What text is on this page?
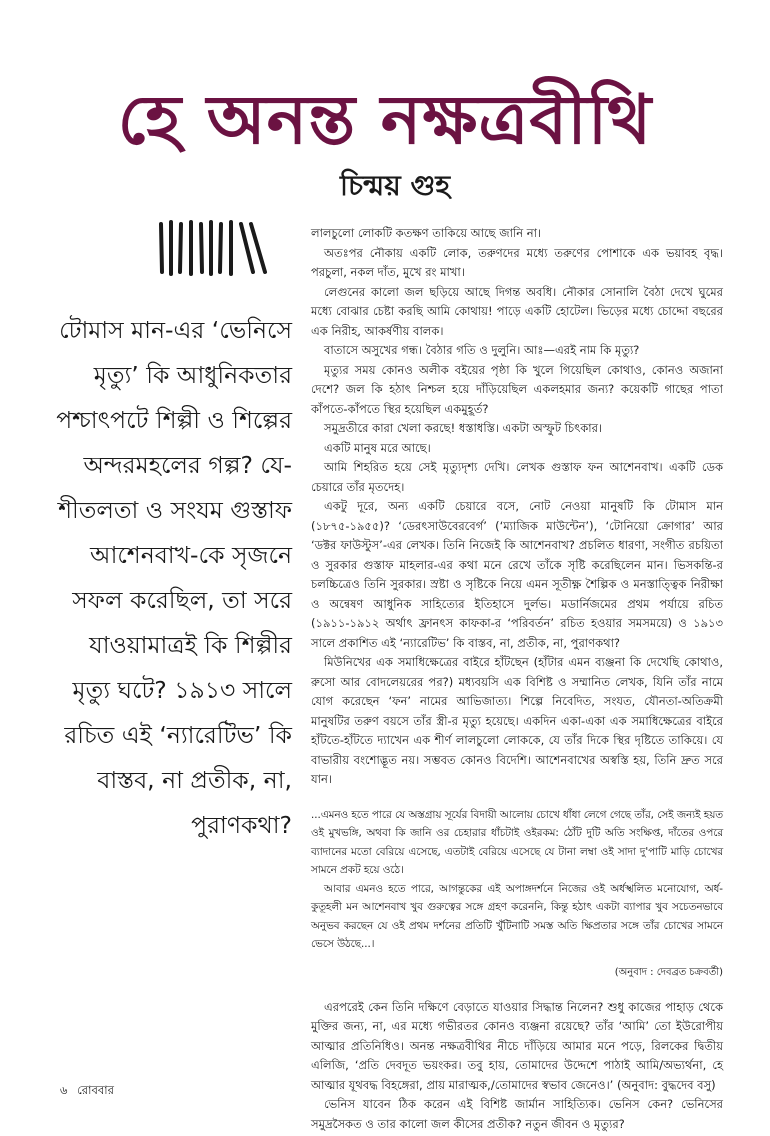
হে অনন্ত নক্ষত্রবীথি
চিন্ময় গুহ

টোমাস মান-এর ‘ভেনিসে মৃত্যু’ কি আধুনিকতার পশ্চাৎপটে শিল্পী ও শিল্পের অন্দরমহলের গল্প? যে-শীতলতা ও সংযম গুস্তাফ আশেনবাখ-কে সৃজনে সফল করেছিল, তা সরে যাওয়ামাত্রই কি শিল্পীর মৃত্যু ঘটে? ১৯১৩ সালে রচিত এই ‘ন্যারেটিভ’ কি বাস্তব, না প্রতীক, না, পুরাণকথা?

লালচুলো লোকটি কতক্ষণ তাকিয়ে আছে জানি না।

অতঃপর নৌকায় একটি লোক, তরুণদের মধ্যে তরুণের পোশাকে এক ভয়াবহ বৃদ্ধ। পরচুলা, নকল দাঁত, মুখে রং মাখা।

লেগুনের কালো জল ছড়িয়ে আছে দিগন্ত অবধি। নৌকার সোনালি বৈঠা দেখে ঘুমের মধ্যে বোঝার চেষ্টা করছি আমি কোথায়! পাড়ে একটি হোটেল। ভিড়ের মধ্যে চোদ্দো বছরের এক নিরীহ, আকর্ষণীয় বালক।

বাতাসে অসুখের গন্ধ। বৈঠার গতি ও দুলুনি। আঃ—এরই নাম কি মৃত্যু?

মৃত্যুর সময় কোনও অলীক বইয়ের পৃষ্ঠা কি খুলে গিয়েছিল কোথাও, কোনও অজানা দেশে? জল কি হঠাৎ নিশ্চল হয়ে দাঁড়িয়েছিল একলহমার জন্য? কয়েকটি গাছের পাতা কাঁপতে-কাঁপতে স্থির হয়েছিল একমুহূর্ত?

সমুদ্রতীরে কারা খেলা করছে! ধস্তাধস্তি। একটা অস্ফুট চিৎকার।

একটি মানুষ মরে আছে।

আমি শিহরিত হয়ে সেই মৃত্যুদৃশ্য দেখি। লেখক গুস্তাফ ফন আশেনবাখ। একটি ডেক চেয়ারে তাঁর মৃতদেহ।

একটু দূরে, অন্য একটি চেয়ারে বসে, নোট নেওয়া মানুষটি কি টোমাস মান (১৮৭৫-১৯৫৫)? ‘ডেরৎসাউবেরবের্গ’ (‘ম্যাজিক মাউন্টেন’), ‘টোনিয়ো ক্রোগার’ আর ‘ডক্টর ফাউস্টুস’-এর লেখক। তিনি নিজেই কি আশেনবাখ? প্রচলিত ধারণা, সংগীত রচয়িতা ও সুরকার গুস্তাফ মাহলার-এর কথা মনে রেখে তাঁকে সৃষ্টি করেছিলেন মান। ভিসকন্তি-র চলচ্চিত্রেও তিনি সুরকার। স্রষ্টা ও সৃষ্টিকে নিয়ে এমন সূতীক্ষ্ণ শৈল্পিক ও মনস্তাত্ত্বিক নিরীক্ষা ও অন্বেষণ আধুনিক সাহিত্যের ইতিহাসে দুর্লভ। মডার্নিজমের প্রথম পর্যায়ে রচিত (১৯১১-১৯১২ অর্থাৎ ফ্রানৎস কাফকা-র ‘পরিবর্তন’ রচিত হওয়ার সমসময়ে) ও ১৯১৩ সালে প্রকাশিত এই ‘ন্যারেটিভ’ কি বাস্তব, না, প্রতীক, না, পুরাণকথা?

মিউনিখের এক সমাধিক্ষেত্রের বাইরে হাঁটছেন (হাঁটার এমন ব্যঞ্জনা কি দেখেছি কোথাও, রুসো আর বোদলেয়রের পর?) মধ্যবয়সি এক বিশিষ্ট ও সম্মানিত লেখক, যিনি তাঁর নামে যোগ করেছেন ‘ফন’ নামের আভিজাত্য। শিল্পে নিবেদিত, সংযত, যৌনতা-অতিক্রমী মানুষটির তরুণ বয়সে তাঁর স্ত্রী-র মৃত্যু হয়েছে। একদিন একা-একা এক সমাধিক্ষেত্রের বাইরে হাঁটতে-হাঁটতে দ্যাখেন এক শীর্ণ লালচুলো লোককে, যে তাঁর দিকে স্থির দৃষ্টিতে তাকিয়ে। যে বাভারীয় বংশোদ্ভূত নয়। সম্ভবত কোনও বিদেশি। আশেনবাখের অস্বস্তি হয়, তিনি দ্রুত সরে যান।

...এমনও হতে পারে যে অস্তগ্রায় সূর্যের বিদায়ী আলোয় চোখে ধাঁধা লেগে গেছে তাঁর, সেই জন্যই হয়ত ওই মুখভঙ্গি, অথবা কি জানি ওর চেহারার ধাঁচটাই ওইরকম: ঠোঁট দুটি অতি সংক্ষিপ্ত, দাঁতের ওপরে ব্যাদানের মতো বেরিয়ে এসেছে, এতটাই বেরিয়ে এসেছে যে টানা লম্বা ওই সাদা দু'পাটি মাড়ি চোখের সামনে প্রকট হয়ে ওঠে।

আবার এমনও হতে পারে, আগন্তুকের এই অপাঙ্গদর্শনে নিজের ওই অর্ধস্খলিত মনোযোগ, অর্ধ-কুতূহলী মন আশেনবাখ খুব গুরুত্বের সঙ্গে গ্রহণ করেননি, কিন্তু হঠাৎ একটা ব্যাপার খুব সচেতনভাবে অনুভব করছেন যে ওই প্রথম দর্শনের প্রতিটি খুঁটিনাটি সমস্ত অতি ক্ষিপ্রতার সঙ্গে তাঁর চোখের সামনে ভেসে উঠছে...।

(অনুবাদ : দেবব্রত চক্রবর্তী)

এরপরেই কেন তিনি দক্ষিণে বেড়াতে যাওয়ার সিদ্ধান্ত নিলেন? শুধু কাজের পাহাড় থেকে মুক্তির জন্য, না, এর মধ্যে গভীরতর কোনও ব্যঞ্জনা রয়েছে? তাঁর ‘আমি’ তো ইউরোপীয় আত্মার প্রতিনিধিও। অনন্ত নক্ষত্রবীথির নীচে দাঁড়িয়ে আমার মনে পড়ে, রিলকের দ্বিতীয় এলিজি, ‘প্রতি দেবদূত ভয়ংকর। তবু হায়, তোমাদের উদ্দেশে পাঠাই আমি/অভ্যর্থনা, হে আত্মার যূথবদ্ধ বিহঙ্গেরা, প্রায় মারাত্মক,/তোমাদের স্বভাব জেনেও।’ (অনুবাদ: বুদ্ধদেব বসু)

ভেনিস যাবেন ঠিক করেন এই বিশিষ্ট জার্মান সাহিত্যিক। ভেনিস কেন? ভেনিসের সমুদ্রসৈকত ও তার কালো জল কীসের প্রতীক? নতুন জীবন ও মৃত্যুর?

৬ রোববার
